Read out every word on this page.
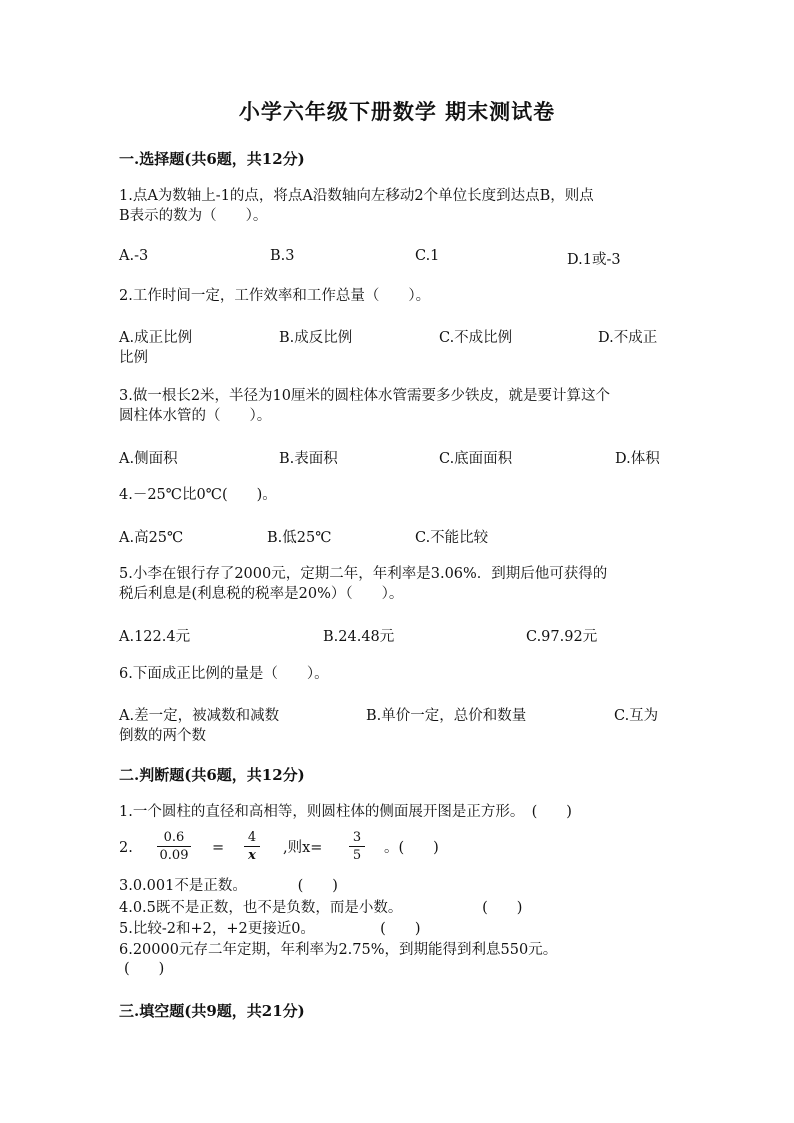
小学六年级下册数学 期末测试卷
一.选择题(共6题，共12分)
1.点A为数轴上-1的点，将点A沿数轴向左移动2个单位长度到达点B，则点
B表示的数为（　　）。
A.-3	B.3	C.1	D.1或-3
2.工作时间一定，工作效率和工作总量（　　）。
A.成正比例	B.成反比例	C.不成比例	D.不成正
比例
3.做一根长2米，半径为10厘米的圆柱体水管需要多少铁皮，就是要计算这个
圆柱体水管的（　　）。
A.侧面积	B.表面积	C.底面面积	D.体积
4.－25℃比0℃(　　)。
A.高25℃	B.低25℃	C.不能比较
5.小李在银行存了2000元，定期二年，年利率是3.06%．到期后他可获得的
税后利息是(利息税的税率是20%）（　　）。
A.122.4元	B.24.48元	C.97.92元
6.下面成正比例的量是（　　）。
A.差一定，被减数和减数	B.单价一定，总价和数量	C.互为
倒数的两个数
二.判断题(共6题，共12分)
1.一个圆柱的直径和高相等，则圆柱体的侧面展开图是正方形。　(　　)
2.
0.6
0.09 =
4
x ,则x=
3
5 。(　　)
3.0.001不是正数。　　　　(　　)
4.0.5既不是正数，也不是负数，而是小数。　　　　　　(　　)
5.比较-2和+2，+2更接近0。　　　　　(　　)
6.20000元存二年定期，年利率为2.75%，到期能得到利息550元。
(　　)
三.填空题(共9题，共21分)
